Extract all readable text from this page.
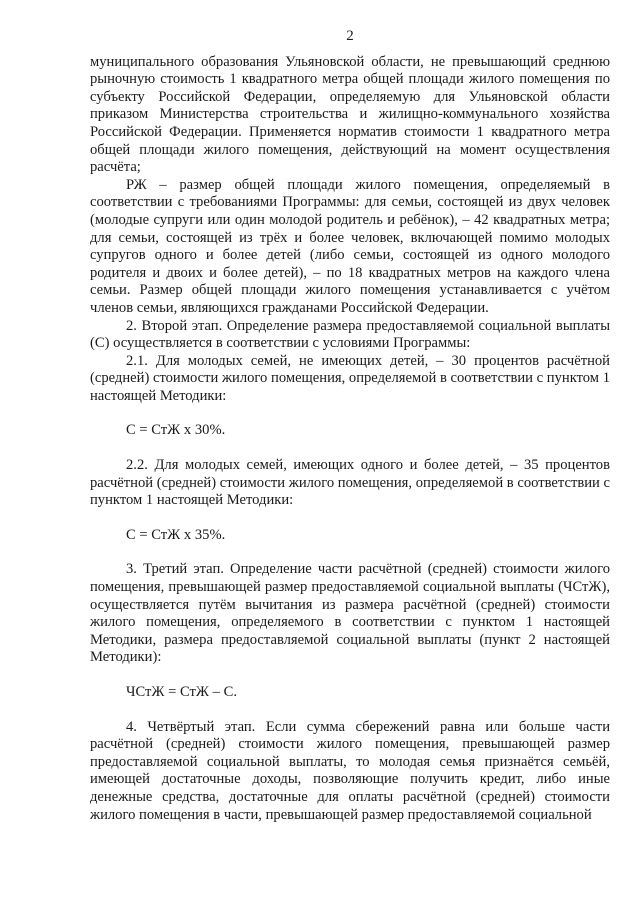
2

муниципального образования Ульяновской области, не превышающий среднюю рыночную стоимость 1 квадратного метра общей площади жилого помещения по субъекту Российской Федерации, определяемую для Ульяновской области приказом Министерства строительства и жилищно-коммунального хозяйства Российской Федерации. Применяется норматив стоимости 1 квадратного метра общей площади жилого помещения, действующий на момент осуществления расчёта;

РЖ – размер общей площади жилого помещения, определяемый в соответствии с требованиями Программы: для семьи, состоящей из двух человек (молодые супруги или один молодой родитель и ребёнок), – 42 квадратных метра; для семьи, состоящей из трёх и более человек, включающей помимо молодых супругов одного и более детей (либо семьи, состоящей из одного молодого родителя и двоих и более детей), – по 18 квадратных метров на каждого члена семьи. Размер общей площади жилого помещения устанавливается с учётом членов семьи, являющихся гражданами Российской Федерации.

2. Второй этап. Определение размера предоставляемой социальной выплаты (С) осуществляется в соответствии с условиями Программы:

2.1. Для молодых семей, не имеющих детей, – 30 процентов расчётной (средней) стоимости жилого помещения, определяемой в соответствии с пунктом 1 настоящей Методики:

С = СтЖ х 30%.

2.2. Для молодых семей, имеющих одного и более детей, – 35 процентов расчётной (средней) стоимости жилого помещения, определяемой в соответствии с пунктом 1 настоящей Методики:

С = СтЖ х 35%.

3. Третий этап. Определение части расчётной (средней) стоимости жилого помещения, превышающей размер предоставляемой социальной выплаты (ЧСтЖ), осуществляется путём вычитания из размера расчётной (средней) стоимости жилого помещения, определяемого в соответствии с пунктом 1 настоящей Методики, размера предоставляемой социальной выплаты (пункт 2 настоящей Методики):

ЧСтЖ = СтЖ – С.

4. Четвёртый этап. Если сумма сбережений равна или больше части расчётной (средней) стоимости жилого помещения, превышающей размер предоставляемой социальной выплаты, то молодая семья признаётся семьёй, имеющей достаточные доходы, позволяющие получить кредит, либо иные денежные средства, достаточные для оплаты расчётной (средней) стоимости жилого помещения в части, превышающей размер предоставляемой социальной
